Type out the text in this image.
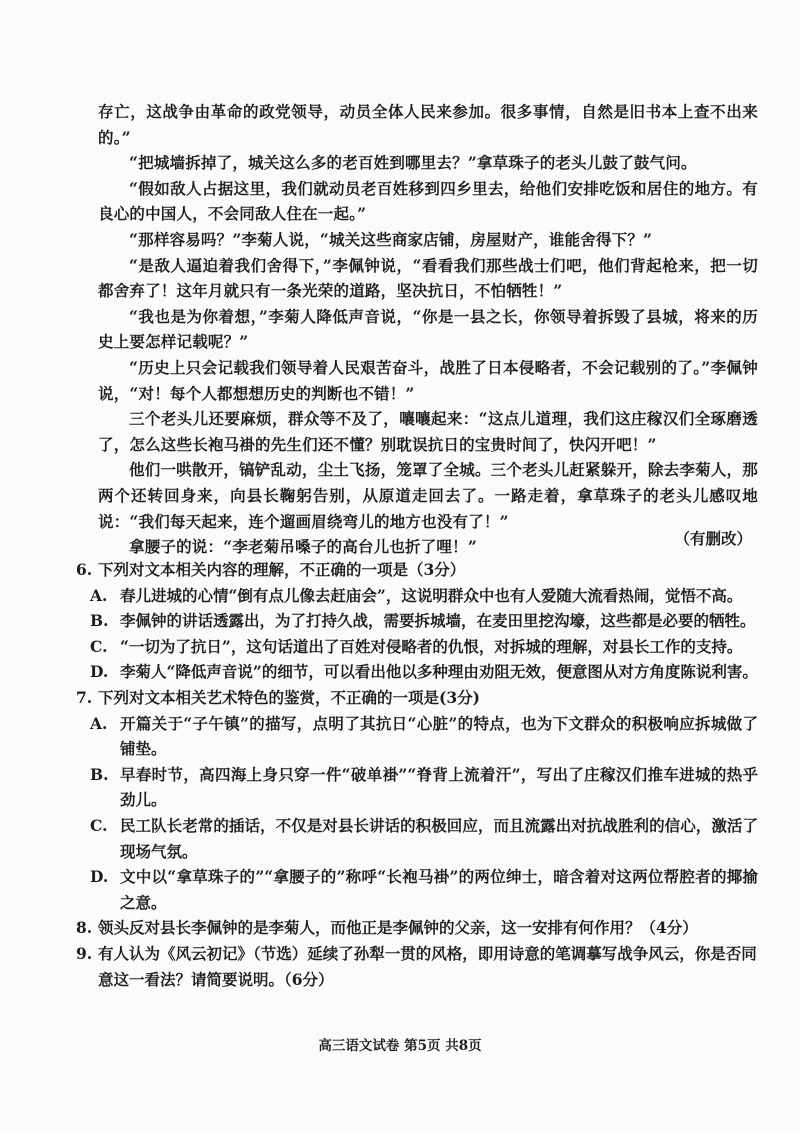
存亡，这战争由革命的政党领导，动员全体人民来参加。很多事情，自然是旧书本上查不出来的。”

“把城墙拆掉了，城关这么多的老百姓到哪里去？”拿草珠子的老头儿鼓了鼓气问。

“假如敌人占据这里，我们就动员老百姓移到四乡里去，给他们安排吃饭和居住的地方。有良心的中国人，不会同敌人住在一起。”

“那样容易吗？”李菊人说，“城关这些商家店铺，房屋财产，谁能舍得下？”

“是敌人逼迫着我们舍得下，”李佩钟说，“看看我们那些战士们吧，他们背起枪来，把一切都舍弃了！这年月就只有一条光荣的道路，坚决抗日，不怕牺牲！”

“我也是为你着想，”李菊人降低声音说，“你是一县之长，你领导着拆毁了县城，将来的历史上要怎样记载呢？”

“历史上只会记载我们领导着人民艰苦奋斗，战胜了日本侵略者，不会记载别的了。”李佩钟说，“对！每个人都想想历史的判断也不错！”

三个老头儿还要麻烦，群众等不及了，嚷嚷起来：“这点儿道理，我们这庄稼汉们全琢磨透了，怎么这些长袍马褂的先生们还不懂？别耽误抗日的宝贵时间了，快闪开吧！”

他们一哄散开，镐铲乱动，尘土飞扬，笼罩了全城。三个老头儿赶紧躲开，除去李菊人，那两个还转回身来，向县长鞠躬告别，从原道走回去了。一路走着，拿草珠子的老头儿感叹地说：“我们每天起来，连个遛画眉绕弯儿的地方也没有了！”

拿腰子的说：“李老菊吊嗓子的高台儿也折了哩！”	（有删改）
6. 下列对文本相关内容的理解，不正确的一项是（3分）
A. 春儿进城的心情“倒有点儿像去赶庙会”，这说明群众中也有人爱随大流看热闹，觉悟不高。
B. 李佩钟的讲话透露出，为了打持久战，需要拆城墙，在麦田里挖沟壕，这些都是必要的牺牲。
C. “一切为了抗日”，这句话道出了百姓对侵略者的仇恨，对拆城的理解，对县长工作的支持。
D. 李菊人“降低声音说”的细节，可以看出他以多种理由劝阻无效，便意图从对方角度陈说利害。
7. 下列对文本相关艺术特色的鉴赏，不正确的一项是(3分)
A. 开篇关于“子午镇”的描写，点明了其抗日“心脏”的特点，也为下文群众的积极响应拆城做了铺垫。
B. 早春时节，高四海上身只穿一件“破单褂”“脊背上流着汗”，写出了庄稼汉们推车进城的热乎劲儿。
C. 民工队长老常的插话，不仅是对县长讲话的积极回应，而且流露出对抗战胜利的信心，激活了现场气氛。
D. 文中以“拿草珠子的”“拿腰子的”称呼“长袍马褂”的两位绅士，暗含着对这两位帮腔者的揶揄之意。
8. 领头反对县长李佩钟的是李菊人，而他正是李佩钟的父亲，这一安排有何作用？（4分）
9. 有人认为《风云初记》（节选）延续了孙犁一贯的风格，即用诗意的笔调摹写战争风云，你是否同意这一看法？请简要说明。（6分）
高三语文试卷 第5页 共8页
